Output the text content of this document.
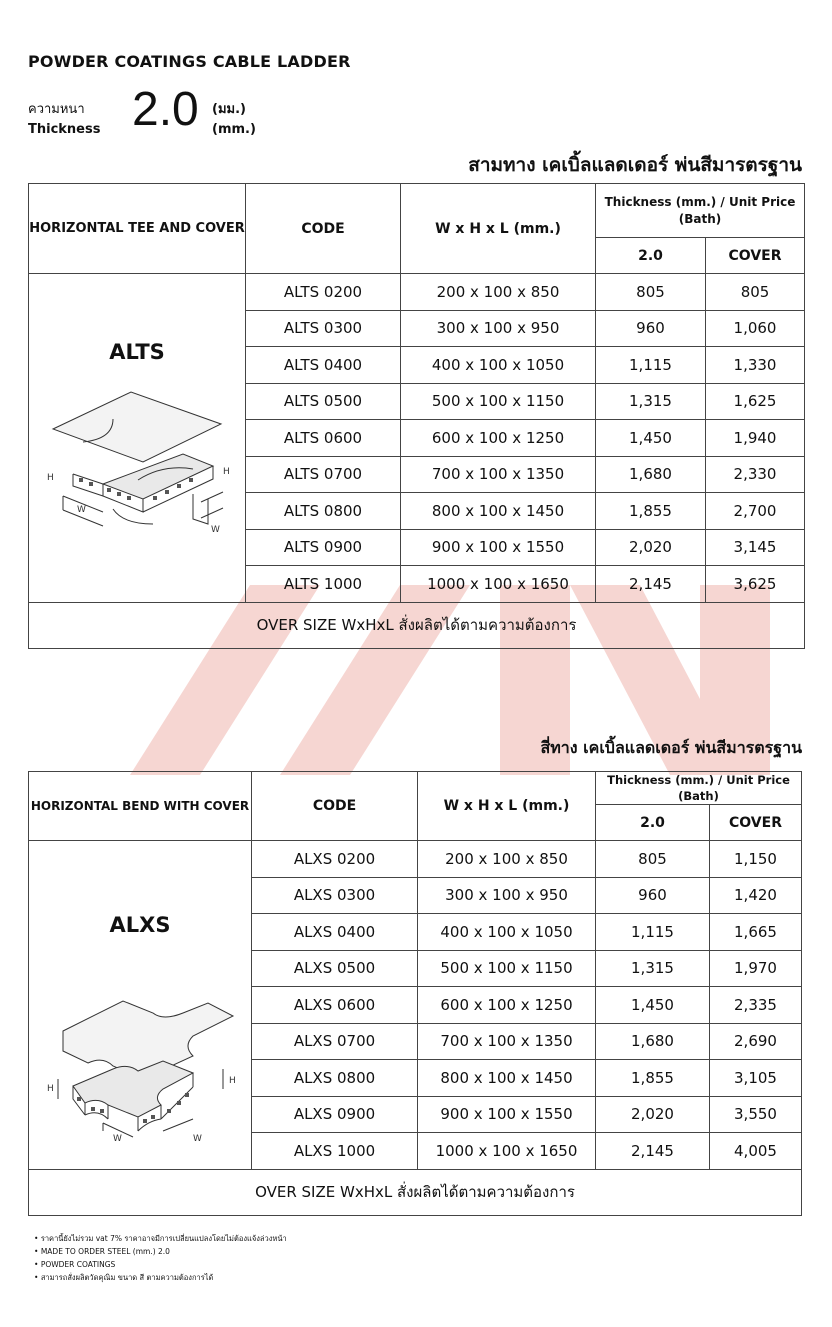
POWDER COATINGS CABLE LADDER
ความหนา
Thickness 2.0 (มม.)
(mm.)
สามทาง เคเบิ้ลแลดเดอร์ พ่นสีมารตรฐาน
HORIZONTAL TEE AND COVER	CODE	W x H x L (mm.)	Thickness (mm.) / Unit Price (Bath)	
			2.0	COVER

ALTS
H
H
W
W	ALTS 0200	200 x 100 x 850	805	805
	ALTS 0300	300 x 100 x 950	960	1,060
	ALTS 0400	400 x 100 x 1050	1,115	1,330
	ALTS 0500	500 x 100 x 1150	1,315	1,625
	ALTS 0600	600 x 100 x 1250	1,450	1,940
	ALTS 0700	700 x 100 x 1350	1,680	2,330
	ALTS 0800	800 x 100 x 1450	1,855	2,700
	ALTS 0900	900 x 100 x 1550	2,020	3,145
	ALTS 1000	1000 x 100 x 1650	2,145	3,625
OVER SIZE WxHxL สั่งผลิตได้ตามความต้องการ				
สี่ทาง เคเบิ้ลแลดเดอร์ พ่นสีมารตรฐาน
HORIZONTAL BEND WITH COVER	CODE	W x H x L (mm.)	Thickness (mm.) / Unit Price (Bath)	
			2.0	COVER

ALXS
H
H
W W	ALXS 0200	200 x 100 x 850	805	1,150
	ALXS 0300	300 x 100 x 950	960	1,420
	ALXS 0400	400 x 100 x 1050	1,115	1,665
	ALXS 0500	500 x 100 x 1150	1,315	1,970
	ALXS 0600	600 x 100 x 1250	1,450	2,335
	ALXS 0700	700 x 100 x 1350	1,680	2,690
	ALXS 0800	800 x 100 x 1450	1,855	3,105
	ALXS 0900	900 x 100 x 1550	2,020	3,550
	ALXS 1000	1000 x 100 x 1650	2,145	4,005
OVER SIZE WxHxL สั่งผลิตได้ตามความต้องการ				
• ราคานี้ยังไม่รวม vat 7% ราคาอาจมีการเปลี่ยนแปลงโดยไม่ต้องแจ้งล่วงหน้า
• MADE TO ORDER STEEL (mm.) 2.0
• POWDER COATINGS
• สามารถสั่งผลิตวัดคุณิม ขนาด สี ตามความต้องการได้
